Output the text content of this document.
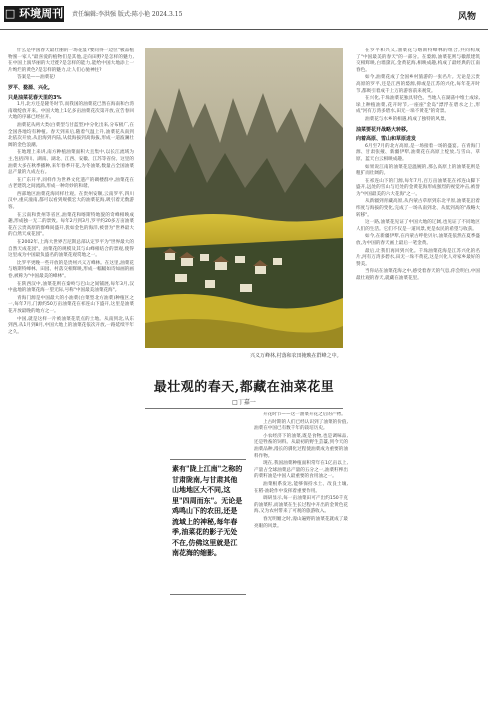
□ 环境周刊 责任编辑:李洪强 版式:陈小艳 2024.3.15	风物

什么是中国春天最壮丽的一场花宴?要问得一边位"极品植物蜜一家人"最喜爱的植物们是其他,走向田野?是怎样的魅力,在中国上演华丽的大迁徙?是怎样的能力,能给中国大地添上一片绚烂的黄色?是怎样的魅力,让人们心驰神往?

答案是——油菜花!

罗平、婺源、兴化,

只是油菜花春天里的3%

1月,北方还是隆冬时节,而我国的油菜花已然在海南和台湾南端绽放开来。中国大地上1亿多亩油菜花次第开放,宣告春回大地的序幕已经拉开。

油菜花从两大类(白菜型与甘蓝型)中分化出来,分布极广,在全国各地均有种植。春天到来后,随着气温上升,油菜花从南到北依次开放,从沿海到内陆,从低海拔到高海拔,形成一道波澜壮阔的金色浪潮。

在地理上来讲,南方种植油菜面积大且集中,以长江流域为主,包括四川、湖南、湖北、江西、安徽、江苏等省份。这里的油菜大多在秋季播种,来年春季开花,为冬油菜,数量占全国油菜总产量的九成左右。

在广东开平,同样作为世界文化遗产的碉楼群中,油菜花在古老建筑之间流淌,形成一种奇妙的和谐。

西部地区油菜花海同样壮观。在贵州安顺,云南罗平,四川汉中,重庆潼南,都可以看到规模宏大的油菜花海,吸引着无数游客。

在云南和贵州等省区,油菜花和喀斯特地貌的奇峰相映成趣,形成独一无二的景致。每年2月到3月,罗平约20多万亩油菜花在云贵高原的群峰间盛开,犹如金色的海洋,被誉为"世界最大的自然天成花园"。

在2002年,上海大世界吉尼斯总部认定罗平为"世界最大的自然天成花园"。油菜花的规模及其与山峰相结合的景观,使得这里成为中国最负盛名的油菜花观赏地之一。

比罗平更晚一些开放的是贵州兴义万峰林。在这里,油菜花与喀斯特峰林、田园、村落交相辉映,形成一幅幅如诗如画的画卷,被称为"中国最美的峰林"。

在陕西汉中,油菜花则在秦岭与巴山之间铺展,每年3月,汉中盆地的油菜花海一望无际,号称"中国最美油菜花海"。

青海门源是中国最大的小油菜(白菜型北方油菜)种植区之一,每年7月,门源约50万亩油菜花在祁连山下盛开,这里是油菜花开放最晚的地方之一。

中国,就是这样一片被油菜花装点的土地。从南到北,从东到西,从1月到8月,中国大地上的油菜花依次开放,一路延续半年之久。

兴义万峰林,村落和农田掩映在群峰之中。
最壮观的春天,都藏在油菜花里
□丁嘉一
素有"陇上江南"之称的甘肃陇南,与甘肃其他山地地区大不同,这里"四周而东"。无论是鸡鸣山下的农田,还是流域上的神秘,每年春季,油菜花的影子无处不在,仿佛这里就是江南花海的缩影。

开花时节——这一油菜开花之后的产物。

上古时期的人们已经认识到了油菜的价值,油菜在中国已有数千年的栽培历史。

小农经济下的油菜,既是食物,也是调味品,还是牲畜的饲料。从最初的野生芸薹,到今天的油菜品种,漫长的驯化过程使油菜成为重要的油料作物。

现在,我国油菜种植面积常年在1亿亩以上,产量占全球油菜总产量的五分之一,油菜籽榨出的菜籽油是中国人最重要的食用油之一。

油菜根系发达,能够保持水土、改良土壤,在稻-油轮作中发挥着重要作用。

调研显示,每一亩油菜田可产出约150千克的油菜籽,而油菜在生长过程中开出的金黄色花海,又为农村带来了可观的旅游收入。

春光明媚之时,漫山遍野的油菜花就成了最亮眼的风景。

在罗平和兴义,油菜花与喀斯特峰林的组合,共同构成了"中国最美的春天"的一部分。在婺源,油菜花则与徽派建筑交相辉映,白墙黛瓦,金黄花海,相映成趣,构成了最经典的江南春色。

如今,油菜花成了全国乡村旅游的一张名片。无论是云贵高原的罗平,还是江西的婺源,抑或是江苏的兴化,每年花开时节,都吸引着成千上万的游客前来观赏。

在兴化,千垛油菜花独具特色。当地人在湖荡中堆土成垛,垛上种植油菜,花开时节,一座座"金岛"漂浮在碧水之上,形成"河有万湾多碧水,田无一垛不黄花"的奇景。

油菜花与水乡的相遇,构成了独特的风景。

油菜要花开战略大转移,

向着高原、雪山和草原进发

6月至7月的北方高原,是一场接着一场的盛宴。在青海门源、甘肃张掖、新疆伊犁,油菜花在高原上绽放,与雪山、草原、蓝天白云相映成趣。

如果说江南的油菜花是温婉的,那么高原上的油菜花则是粗犷而壮阔的。

在祁连山下的门源,每年7月,百万亩油菜花在祁连山脚下盛开,远处的雪山与近处的金黄花海形成强烈的视觉冲击,被誉为"中国最美的六大花海"之一。

从新疆到青藏高原,从内蒙古草原到东北平原,油菜花沿着纬度与海拔的变化,完成了一场从南到北、从低到高的"战略大转移"。

这一路,油菜花见证了中国大地的辽阔,也见证了不同地区人们的生活。它们不仅是一道风景,更是农民的希望与收获。

如今,在新疆伊犁,在内蒙古呼伦贝尔,油菜花依然在夏季盛放,为中国的春天画上最后一笔金黄。

最后,让我们再回到兴化。千垛油菜花海是江苏兴化的名片,河有万湾多碧水,田无一垛不黄花,这是兴化人对家乡最好的赞美。

当你站在油菜花海之中,感受着春天的气息,你会明白,中国最壮观的春天,就藏在油菜花里。
